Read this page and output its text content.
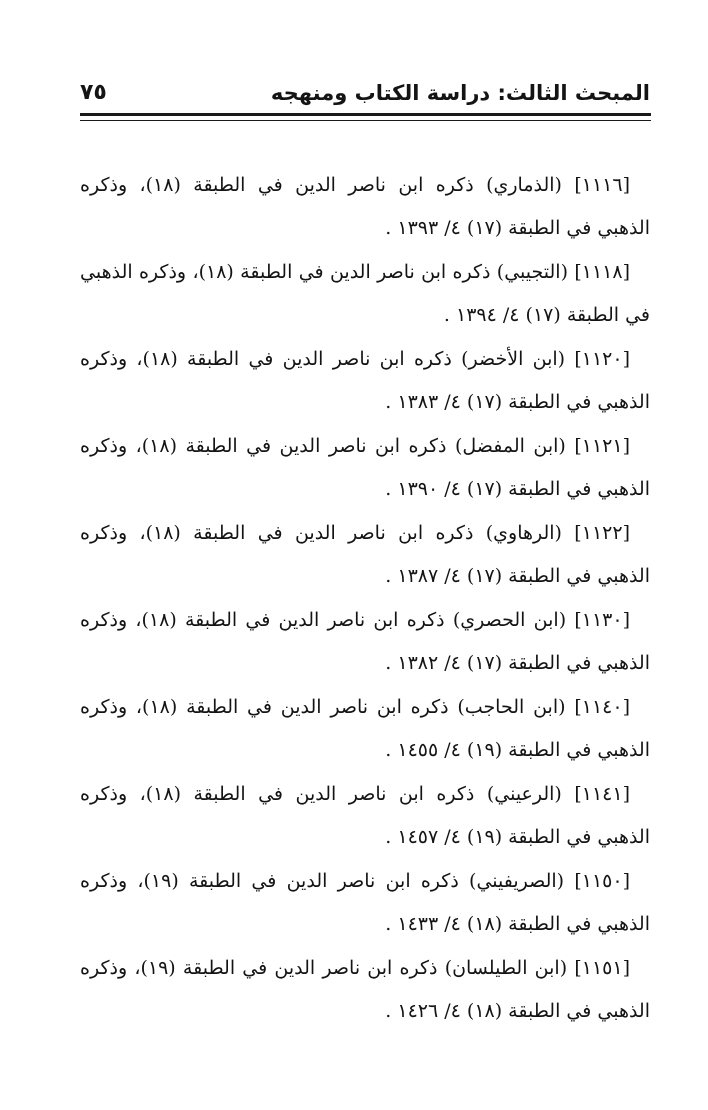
المبحث الثالث: دراسة الكتاب ومنهجه
٧٥

[١١١٦] (الذماري) ذكره ابن ناصر الدين في الطبقة (١٨)، وذكره الذهبي في الطبقة (١٧) ٤/ ١٣٩٣ .

[١١١٨] (التجيبي) ذكره ابن ناصر الدين في الطبقة (١٨)، وذكره الذهبي في الطبقة (١٧) ٤/ ١٣٩٤ .

[١١٢٠] (ابن الأخضر) ذكره ابن ناصر الدين في الطبقة (١٨)، وذكره الذهبي في الطبقة (١٧) ٤/ ١٣٨٣ .

[١١٢١] (ابن المفضل) ذكره ابن ناصر الدين في الطبقة (١٨)، وذكره الذهبي في الطبقة (١٧) ٤/ ١٣٩٠ .

[١١٢٢] (الرهاوي) ذكره ابن ناصر الدين في الطبقة (١٨)، وذكره الذهبي في الطبقة (١٧) ٤/ ١٣٨٧ .

[١١٣٠] (ابن الحصري) ذكره ابن ناصر الدين في الطبقة (١٨)، وذكره الذهبي في الطبقة (١٧) ٤/ ١٣٨٢ .

[١١٤٠] (ابن الحاجب) ذكره ابن ناصر الدين في الطبقة (١٨)، وذكره الذهبي في الطبقة (١٩) ٤/ ١٤٥٥ .

[١١٤١] (الرعيني) ذكره ابن ناصر الدين في الطبقة (١٨)، وذكره الذهبي في الطبقة (١٩) ٤/ ١٤٥٧ .

[١١٥٠] (الصريفيني) ذكره ابن ناصر الدين في الطبقة (١٩)، وذكره الذهبي في الطبقة (١٨) ٤/ ١٤٣٣ .

[١١٥١] (ابن الطيلسان) ذكره ابن ناصر الدين في الطبقة (١٩)، وذكره الذهبي في الطبقة (١٨) ٤/ ١٤٢٦ .
